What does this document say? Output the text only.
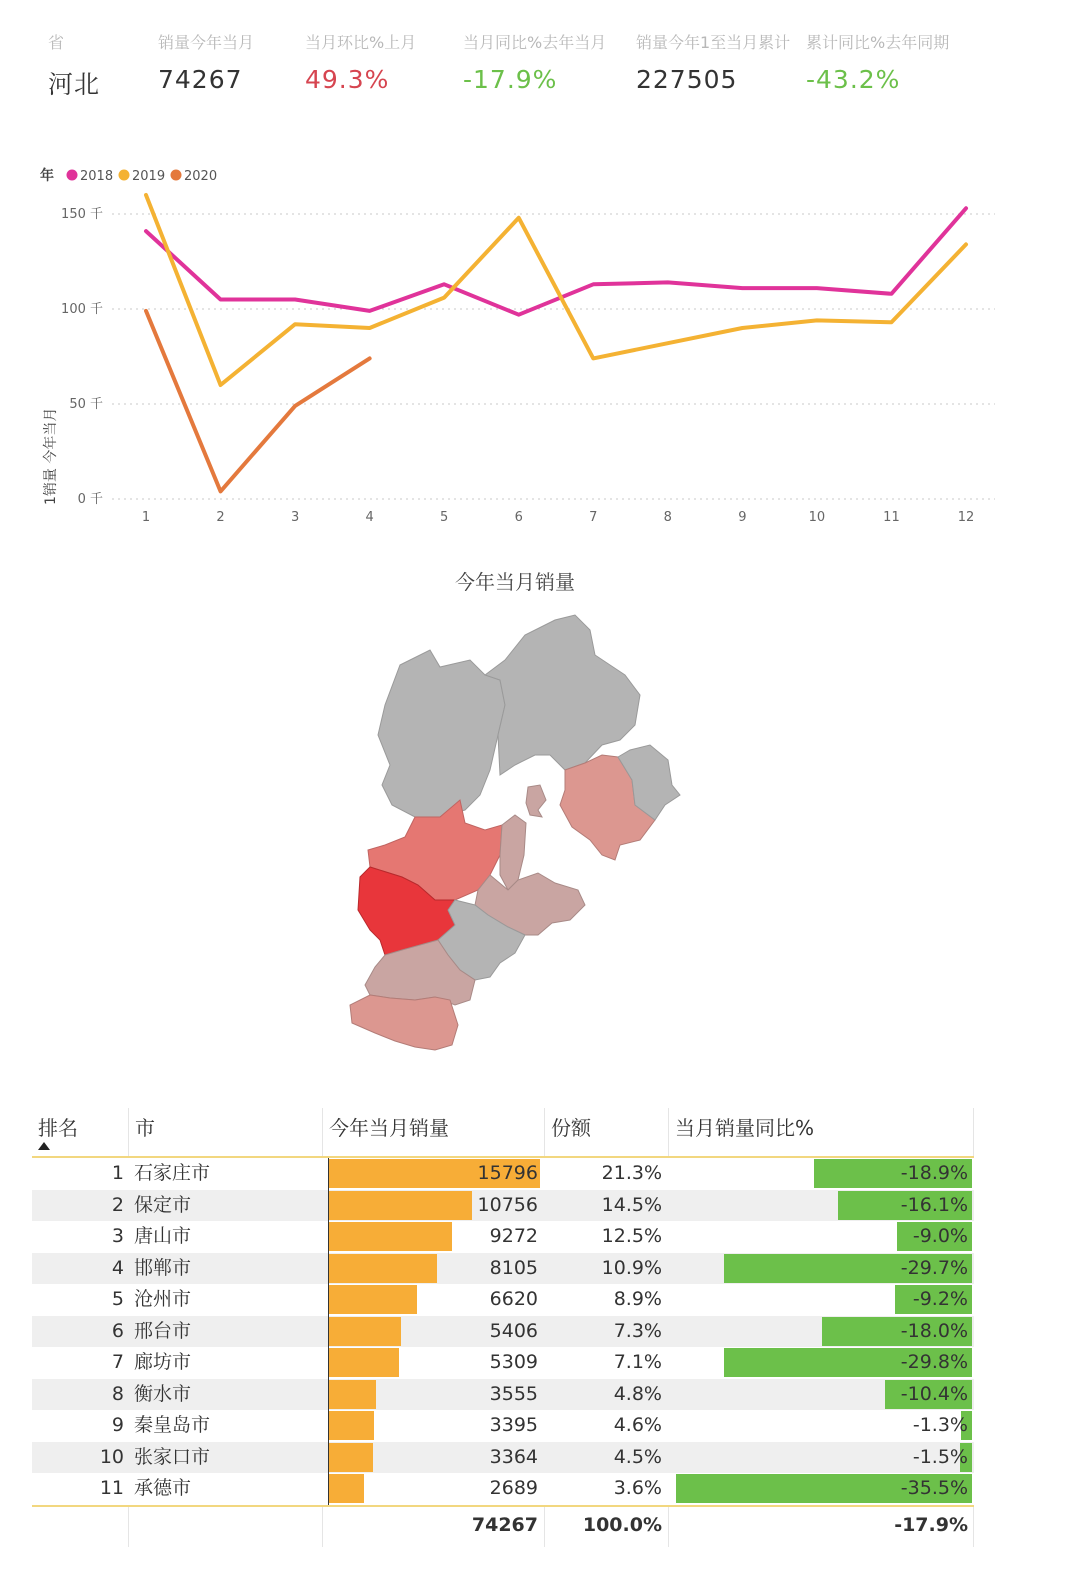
省
河北
销量今年当月
74267
当月环比%上月
49.3%
当月同比%去年当月
-17.9%
销量今年1至当月累计
227505
累计同比%去年同期
-43.2%
年 2018 2019 2020
0 千
50 千
100 千
150 千
1	2	3	4	5	6	7	8	9	10	11	12
1销量 今年当月
今年当月销量
排名	市	今年当月销量	份额	当月销量同比%
1 石家庄市	15796	21.3%	-18.9%
2 保定市	10756	14.5%	-16.1%
3 唐山市	9272	12.5%	-9.0%
4 邯郸市	8105	10.9%	-29.7%
5 沧州市	6620	8.9%	-9.2%
6 邢台市	5406	7.3%	-18.0%
7 廊坊市	5309	7.1%	-29.8%
8 衡水市	3555	4.8%	-10.4%
9 秦皇岛市	3395	4.6%	-1.3%
10 张家口市	3364	4.5%	-1.5%
11 承德市	2689	3.6%	-35.5%
74267	100.0%	-17.9%
